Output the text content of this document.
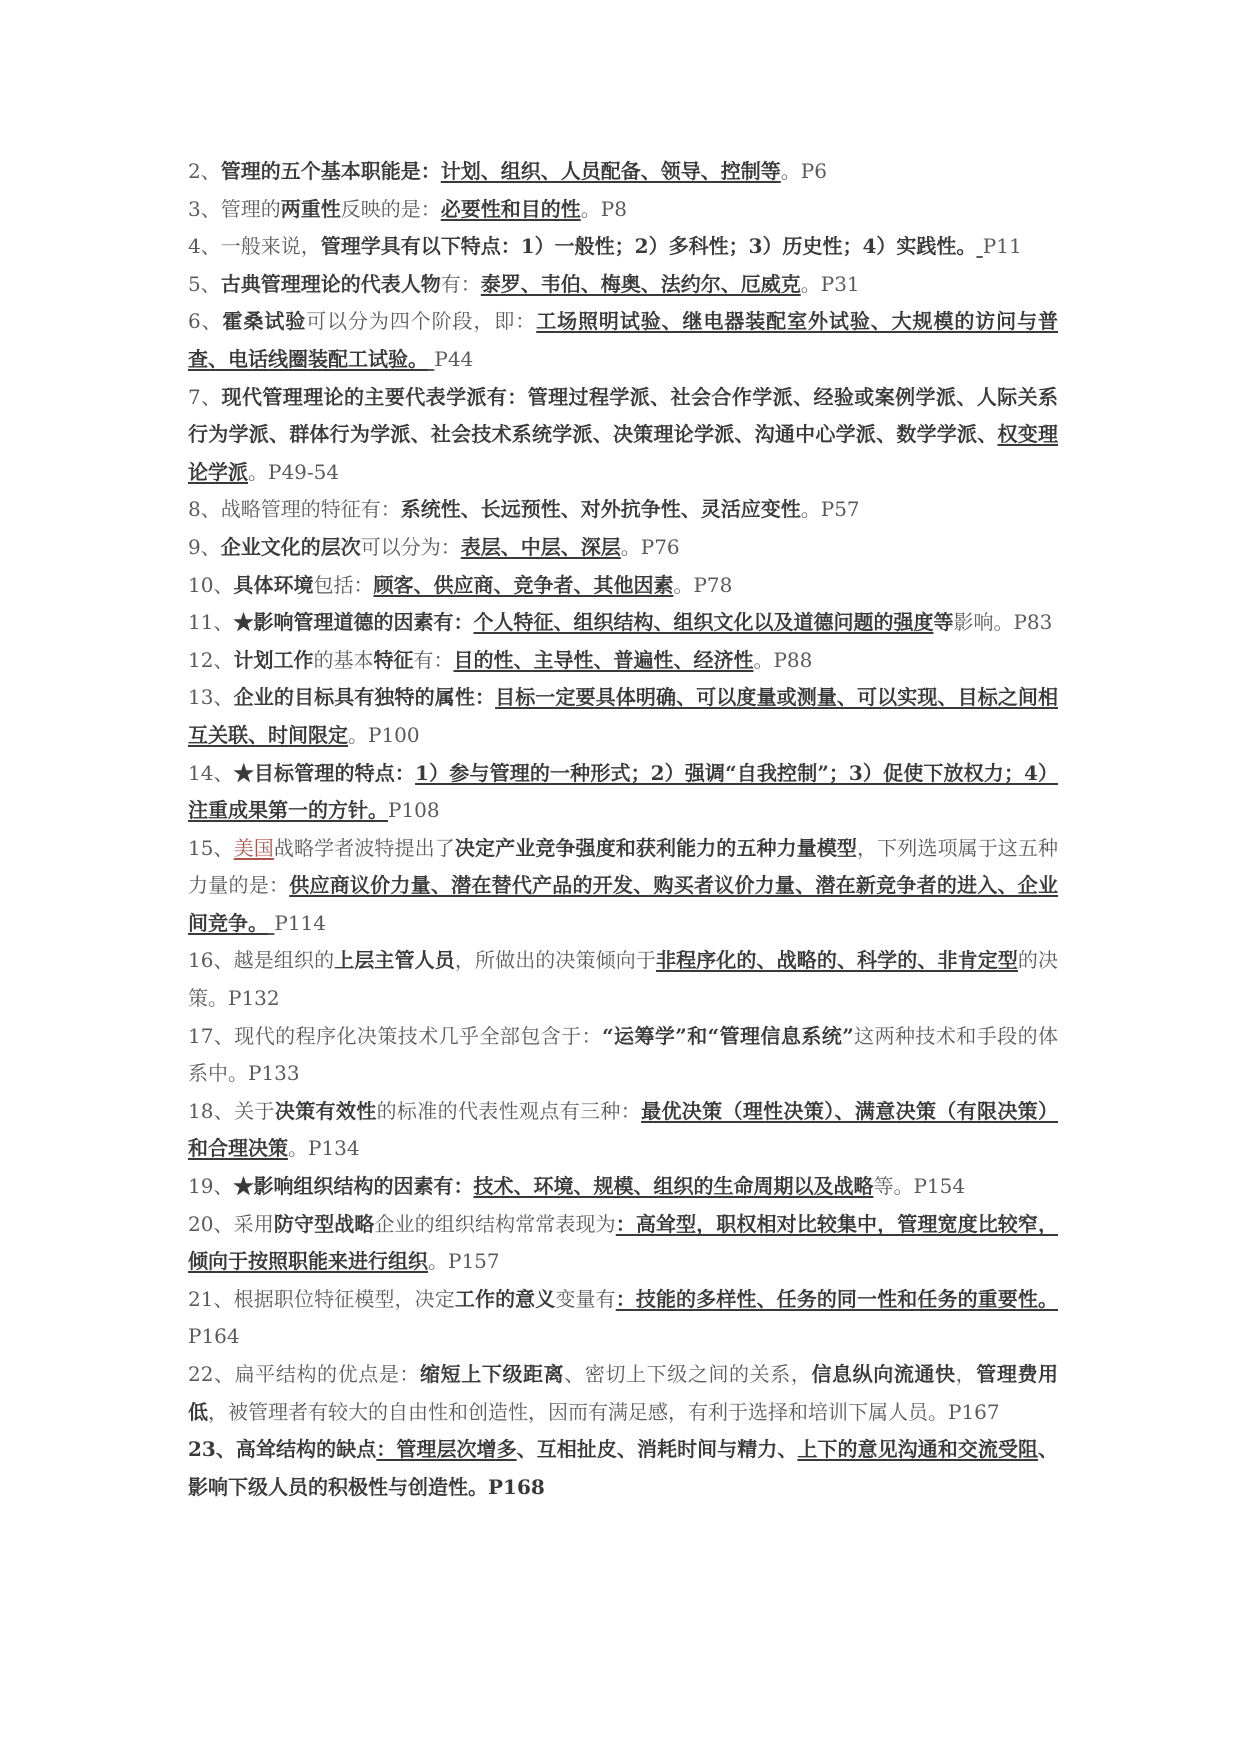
2、管理的五个基本职能是：计划、组织、人员配备、领导、控制等。P6

3、管理的两重性反映的是：必要性和目的性。P8

4、一般来说，管理学具有以下特点：1）一般性；2）多科性；3）历史性；4）实践性。 P11

5、古典管理理论的代表人物有：泰罗、韦伯、梅奥、法约尔、厄威克。P31

6、霍桑试验可以分为四个阶段，即：工场照明试验、继电器装配室外试验、大规模的访问与普查、电话线圈装配工试验。 P44

7、现代管理理论的主要代表学派有：管理过程学派、社会合作学派、经验或案例学派、人际关系行为学派、群体行为学派、社会技术系统学派、决策理论学派、沟通中心学派、数学学派、权变理论学派。P49-54

8、战略管理的特征有：系统性、长远预性、对外抗争性、灵活应变性。P57

9、企业文化的层次可以分为：表层、中层、深层。P76

10、具体环境包括：顾客、供应商、竞争者、其他因素。P78

11、★影响管理道德的因素有：个人特征、组织结构、组织文化以及道德问题的强度等影响。P83

12、计划工作的基本特征有：目的性、主导性、普遍性、经济性。P88

13、企业的目标具有独特的属性：目标一定要具体明确、可以度量或测量、可以实现、目标之间相互关联、时间限定。P100

14、★目标管理的特点：1）参与管理的一种形式；2）强调“自我控制”；3）促使下放权力；4）注重成果第一的方针。P108

15、美国战略学者波特提出了决定产业竞争强度和获利能力的五种力量模型，下列选项属于这五种力量的是：供应商议价力量、潜在替代产品的开发、购买者议价力量、潜在新竞争者的进入、企业间竞争。 P114

16、越是组织的上层主管人员，所做出的决策倾向于非程序化的、战略的、科学的、非肯定型的决策。P132

17、现代的程序化决策技术几乎全部包含于：“运筹学”和“管理信息系统”这两种技术和手段的体系中。P133

18、关于决策有效性的标准的代表性观点有三种：最优决策（理性决策）、满意决策（有限决策）和合理决策。P134

19、★影响组织结构的因素有：技术、环境、规模、组织的生命周期以及战略等。P154

20、采用防守型战略企业的组织结构常常表现为：高耸型，职权相对比较集中，管理宽度比较窄，倾向于按照职能来进行组织。P157

21、根据职位特征模型，决定工作的意义变量有：技能的多样性、任务的同一性和任务的重要性。P164

22、扁平结构的优点是：缩短上下级距离、密切上下级之间的关系，信息纵向流通快，管理费用低，被管理者有较大的自由性和创造性，因而有满足感，有利于选择和培训下属人员。P167

23、高耸结构的缺点：管理层次增多、互相扯皮、消耗时间与精力、上下的意见沟通和交流受阻、影响下级人员的积极性与创造性。P168
